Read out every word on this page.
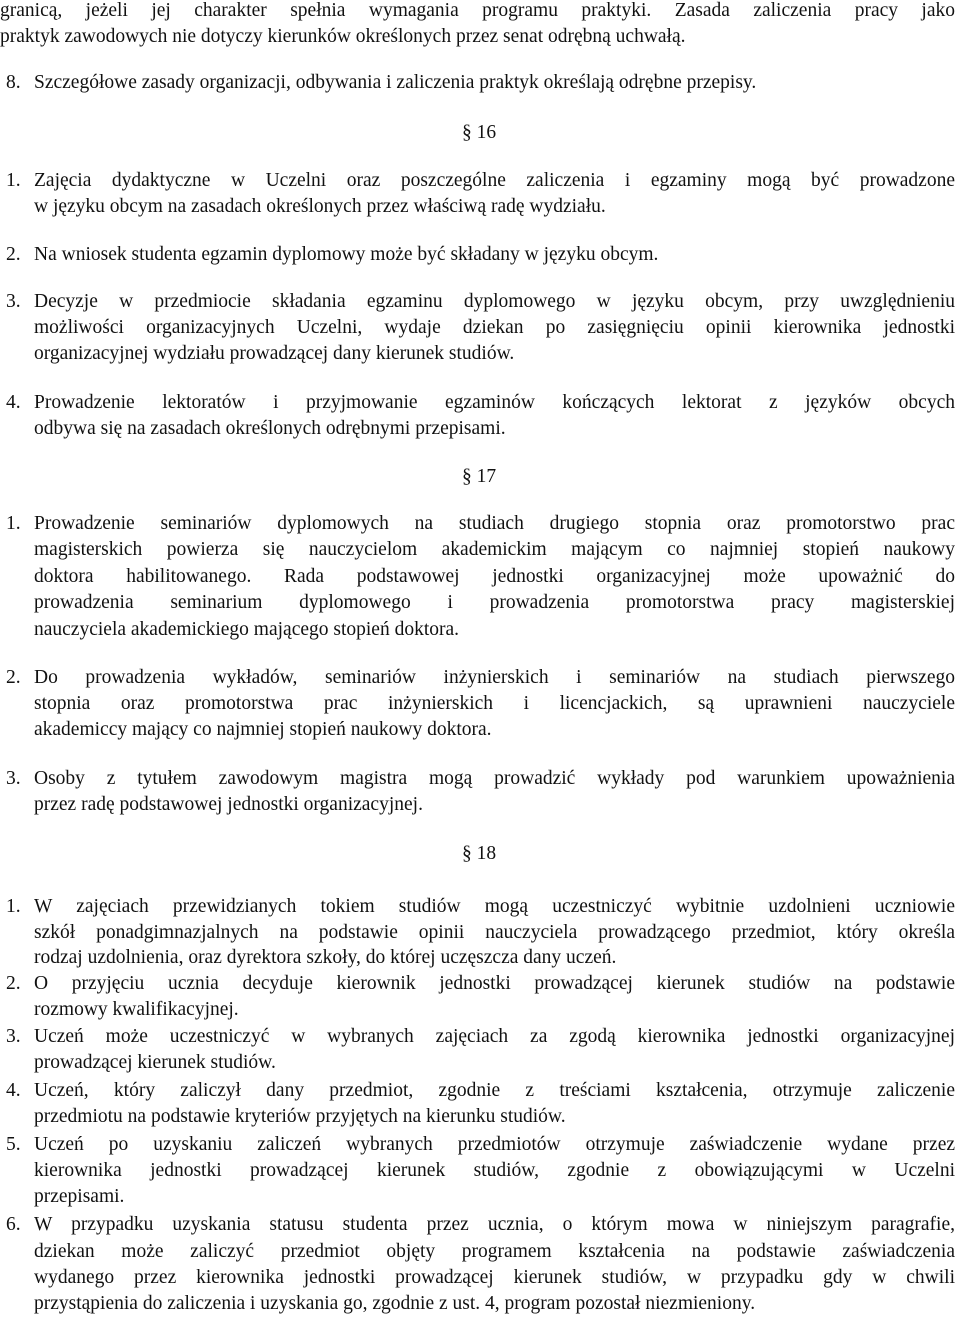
granicą, jeżeli jej charakter spełnia wymagania programu praktyki. Zasada zaliczenia pracy jako
praktyk zawodowych nie dotyczy kierunków określonych przez senat odrębną uchwałą.
8. Szczegółowe zasady organizacji, odbywania i zaliczenia praktyk określają odrębne przepisy.
§ 16
1. Zajęcia dydaktyczne w Uczelni oraz poszczególne zaliczenia i egzaminy mogą być prowadzone
w języku obcym na zasadach określonych przez właściwą radę wydziału.
2. Na wniosek studenta egzamin dyplomowy może być składany w języku obcym.
3. Decyzje w przedmiocie składania egzaminu dyplomowego w języku obcym, przy uwzględnieniu
możliwości organizacyjnych Uczelni, wydaje dziekan po zasięgnięciu opinii kierownika jednostki
organizacyjnej wydziału prowadzącej dany kierunek studiów.
4. Prowadzenie lektoratów i przyjmowanie egzaminów kończących lektorat z języków obcych
odbywa się na zasadach określonych odrębnymi przepisami.
§ 17
1. Prowadzenie seminariów dyplomowych na studiach drugiego stopnia oraz promotorstwo prac
magisterskich powierza się nauczycielom akademickim mającym co najmniej stopień naukowy
doktora habilitowanego. Rada podstawowej jednostki organizacyjnej może upoważnić do
prowadzenia seminarium dyplomowego i prowadzenia promotorstwa pracy magisterskiej
nauczyciela akademickiego mającego stopień doktora.
2. Do prowadzenia wykładów, seminariów inżynierskich i seminariów na studiach pierwszego
stopnia oraz promotorstwa prac inżynierskich i licencjackich, są uprawnieni nauczyciele
akademiccy mający co najmniej stopień naukowy doktora.
3. Osoby z tytułem zawodowym magistra mogą prowadzić wykłady pod warunkiem upoważnienia
przez radę podstawowej jednostki organizacyjnej.
§ 18
1. W zajęciach przewidzianych tokiem studiów mogą uczestniczyć wybitnie uzdolnieni uczniowie
szkół ponadgimnazjalnych na podstawie opinii nauczyciela prowadzącego przedmiot, który określa
rodzaj uzdolnienia, oraz dyrektora szkoły, do której uczęszcza dany uczeń.
2. O przyjęciu ucznia decyduje kierownik jednostki prowadzącej kierunek studiów na podstawie
rozmowy kwalifikacyjnej.
3. Uczeń może uczestniczyć w wybranych zajęciach za zgodą kierownika jednostki organizacyjnej
prowadzącej kierunek studiów.
4. Uczeń, który zaliczył dany przedmiot, zgodnie z treściami kształcenia, otrzymuje zaliczenie
przedmiotu na podstawie kryteriów przyjętych na kierunku studiów.
5. Uczeń po uzyskaniu zaliczeń wybranych przedmiotów otrzymuje zaświadczenie wydane przez
kierownika jednostki prowadzącej kierunek studiów, zgodnie z obowiązującymi w Uczelni
przepisami.
6. W przypadku uzyskania statusu studenta przez ucznia, o którym mowa w niniejszym paragrafie,
dziekan może zaliczyć przedmiot objęty programem kształcenia na podstawie zaświadczenia
wydanego przez kierownika jednostki prowadzącej kierunek studiów, w przypadku gdy w chwili
przystąpienia do zaliczenia i uzyskania go, zgodnie z ust. 4, program pozostał niezmieniony.
